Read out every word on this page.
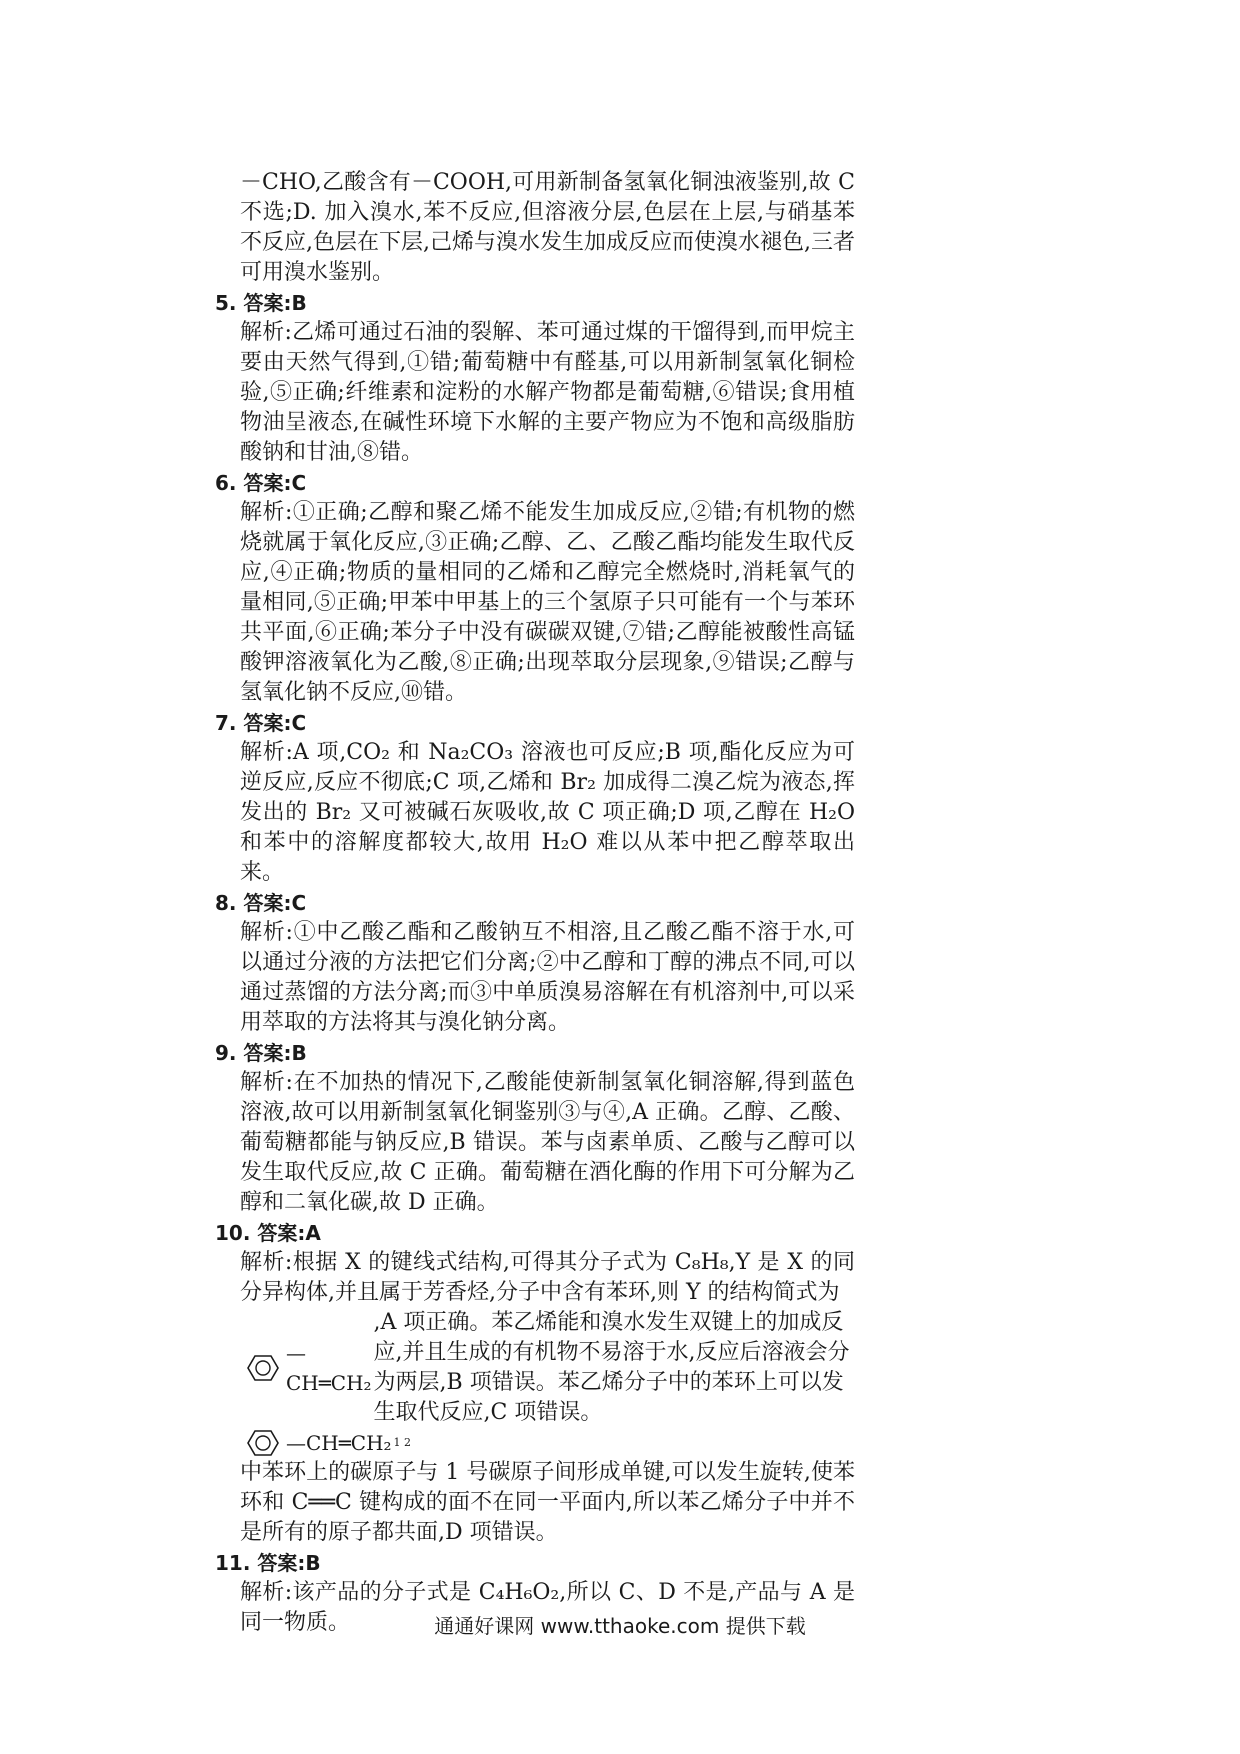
－CHO,乙酸含有－COOH,可用新制备氢氧化铜浊液鉴别,故 C 不选;D. 加入溴水,苯不反应,但溶液分层,色层在上层,与硝基苯不反应,色层在下层,己烯与溴水发生加成反应而使溴水褪色,三者可用溴水鉴别。

5. 答案:B

解析:乙烯可通过石油的裂解、苯可通过煤的干馏得到,而甲烷主要由天然气得到,①错;葡萄糖中有醛基,可以用新制氢氧化铜检验,⑤正确;纤维素和淀粉的水解产物都是葡萄糖,⑥错误;食用植物油呈液态,在碱性环境下水解的主要产物应为不饱和高级脂肪酸钠和甘油,⑧错。

6. 答案:C

解析:①正确;乙醇和聚乙烯不能发生加成反应,②错;有机物的燃烧就属于氧化反应,③正确;乙醇、乙、乙酸乙酯均能发生取代反应,④正确;物质的量相同的乙烯和乙醇完全燃烧时,消耗氧气的量相同,⑤正确;甲苯中甲基上的三个氢原子只可能有一个与苯环共平面,⑥正确;苯分子中没有碳碳双键,⑦错;乙醇能被酸性高锰酸钾溶液氧化为乙酸,⑧正确;出现萃取分层现象,⑨错误;乙醇与氢氧化钠不反应,⑩错。

7. 答案:C

解析:A 项,CO₂ 和 Na₂CO₃ 溶液也可反应;B 项,酯化反应为可逆反应,反应不彻底;C 项,乙烯和 Br₂ 加成得二溴乙烷为液态,挥发出的 Br₂ 又可被碱石灰吸收,故 C 项正确;D 项,乙醇在 H₂O 和苯中的溶解度都较大,故用 H₂O 难以从苯中把乙醇萃取出来。

8. 答案:C

解析:①中乙酸乙酯和乙酸钠互不相溶,且乙酸乙酯不溶于水,可以通过分液的方法把它们分离;②中乙醇和丁醇的沸点不同,可以通过蒸馏的方法分离;而③中单质溴易溶解在有机溶剂中,可以采用萃取的方法将其与溴化钠分离。

9. 答案:B

解析:在不加热的情况下,乙酸能使新制氢氧化铜溶解,得到蓝色溶液,故可以用新制氢氧化铜鉴别③与④,A 正确。乙醇、乙酸、葡萄糖都能与钠反应,B 错误。苯与卤素单质、乙酸与乙醇可以发生取代反应,故 C 正确。葡萄糖在酒化酶的作用下可分解为乙醇和二氧化碳,故 D 正确。

10. 答案:A

解析:根据 X 的键线式结构,可得其分子式为 C₈H₈,Y 是 X 的同分异构体,并且属于芳香烃,分子中含有苯环,则 Y 的结构简式为

—CH═CH₂
,A 项正确。苯乙烯能和溴水发生双键上的加成反应,并且生成的有机物不易溶于水,反应后溶液会分为两层,B 项错误。苯乙烯分子中的苯环上可以发生取代反应,C 项错误。
—CH═CH₂ 1 2

中苯环上的碳原子与 1 号碳原子间形成单键,可以发生旋转,使苯环和 C══C 键构成的面不在同一平面内,所以苯乙烯分子中并不是所有的原子都共面,D 项错误。

11. 答案:B

解析:该产品的分子式是 C₄H₆O₂,所以 C、D 不是,产品与 A 是同一物质。	通通好课网 www.tthaoke.com 提供下载
